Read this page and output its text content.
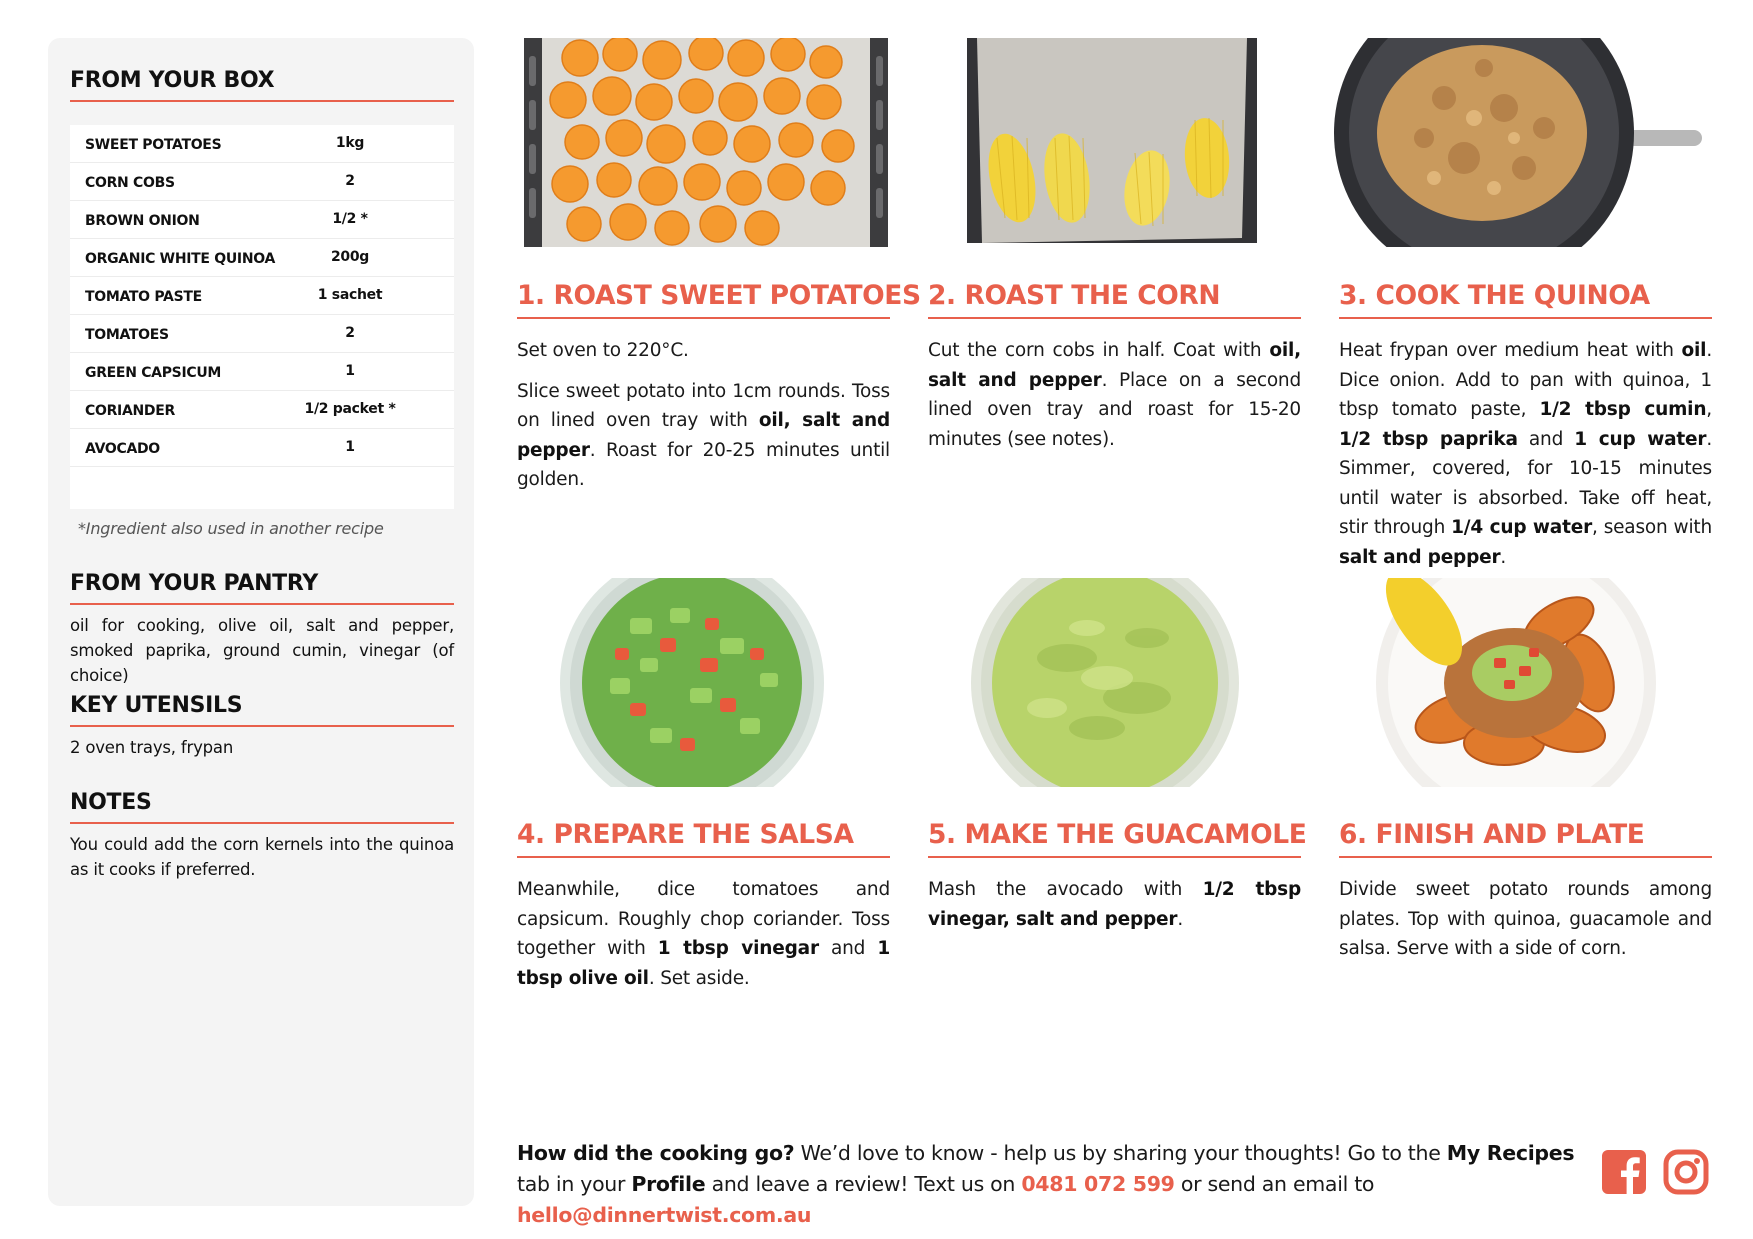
FROM YOUR BOX
SWEET POTATOES	1kg
CORN COBS	2
BROWN ONION	1/2 *
ORGANIC WHITE QUINOA	200g
TOMATO PASTE	1 sachet
TOMATOES	2
GREEN CAPSICUM	1
CORIANDER	1/2 packet *
AVOCADO	1
*Ingredient also used in another recipe
FROM YOUR PANTRY
oil for cooking, olive oil, salt and pepper, smoked paprika, ground cumin, vinegar (of choice)
KEY UTENSILS
2 oven trays, frypan
NOTES
You could add the corn kernels into the quinoa as it cooks if preferred.
1. ROAST SWEET POTATOES 2. ROAST THE CORN	3. COOK THE QUINOA
4. PREPARE THE SALSA	5. MAKE THE GUACAMOLE 6. FINISH AND PLATE

Set oven to 220°C.

Slice sweet potato into 1cm rounds. Toss on lined oven tray with oil, salt and pepper. Roast for 20-25 minutes until golden.

Cut the corn cobs in half. Coat with oil, salt and pepper. Place on a second lined oven tray and roast for 15-20 minutes (see notes).

Heat frypan over medium heat with oil. Dice onion. Add to pan with quinoa, 1 tbsp tomato paste, 1/2 tbsp cumin, 1/2 tbsp paprika and 1 cup water. Simmer, covered, for 10-15 minutes until water is absorbed. Take off heat, stir through 1/4 cup water, season with salt and pepper.

Meanwhile, dice tomatoes and capsicum. Roughly chop coriander. Toss together with 1 tbsp vinegar and 1 tbsp olive oil. Set aside.

Mash the avocado with 1/2 tbsp vinegar, salt and pepper.

Divide sweet potato rounds among plates. Top with quinoa, guacamole and salsa. Serve with a side of corn.

How did the cooking go? We’d love to know - help us by sharing your thoughts! Go to the My Recipes tab in your Profile and leave a review! Text us on 0481 072 599 or send an email to hello@dinnertwist.com.au
